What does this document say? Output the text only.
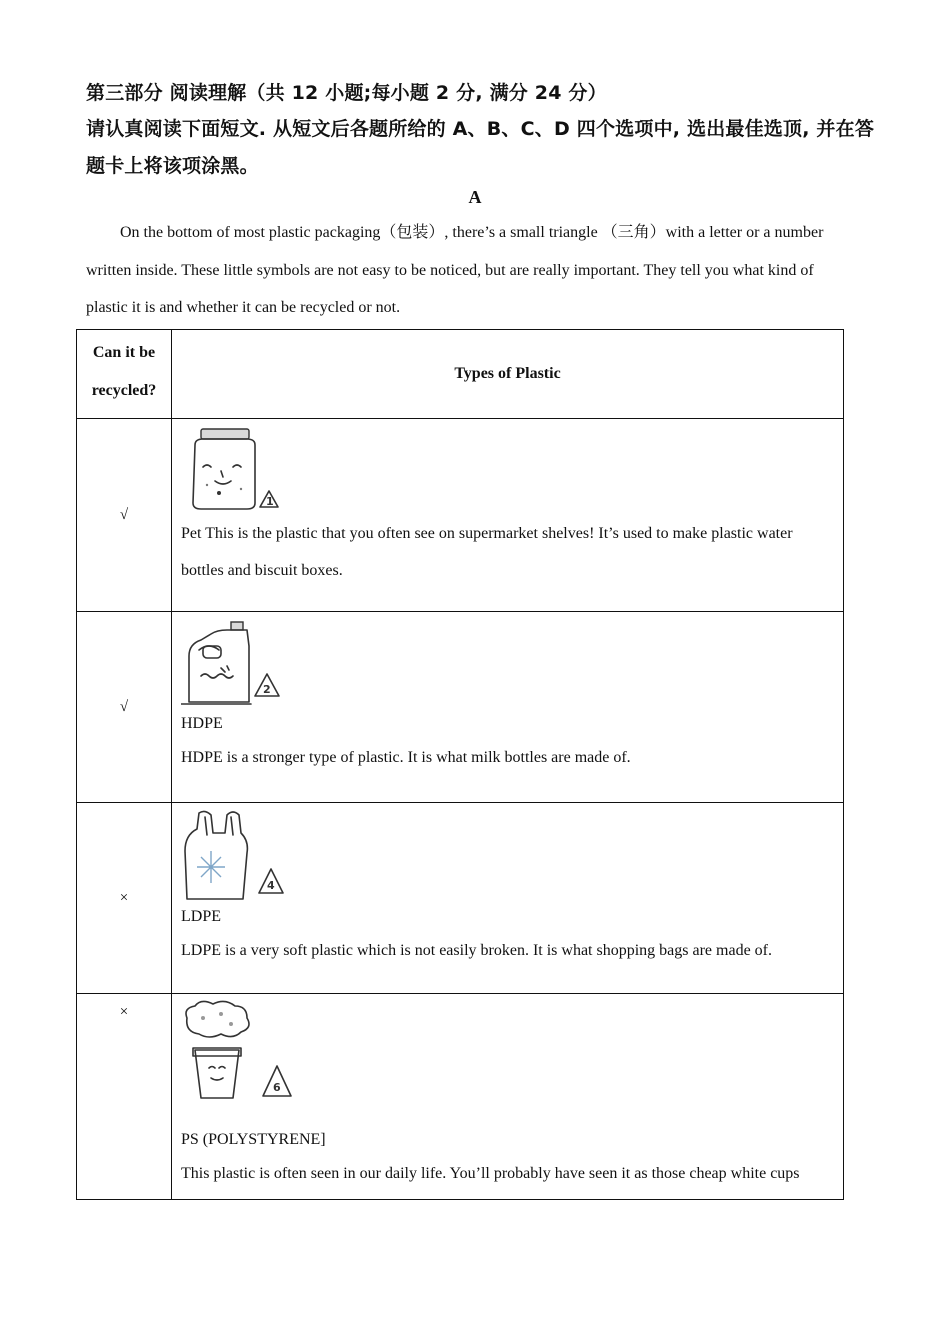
第三部分 阅读理解（共 12 小题;每小题 2 分, 满分 24 分）
请认真阅读下面短文. 从短文后各题所给的 A、B、C、D 四个选项中, 选出最佳选顶, 并在答
题卡上将该项涂黑。
A
On the bottom of most plastic packaging（包装）, there’s a small triangle （三角）with a letter or a number
written inside. These little symbols are not easy to be noticed, but are really important. They tell you what kind of
plastic it is and whether it can be recycled or not.
Can it be
recycled?	Types of Plastic
√	1
Pet This is the plastic that you often see on supermarket shelves! It’s used to make plastic water
bottles and biscuit boxes.

√	2
HDPE
HDPE is a stronger type of plastic. It is what milk bottles are made of.

×	4
LDPE
LDPE is a very soft plastic which is not easily broken. It is what shopping bags are made of.

×	6
PS (POLYSTYRENE]
This plastic is often seen in our daily life. You’ll probably have seen it as those cheap white cups
